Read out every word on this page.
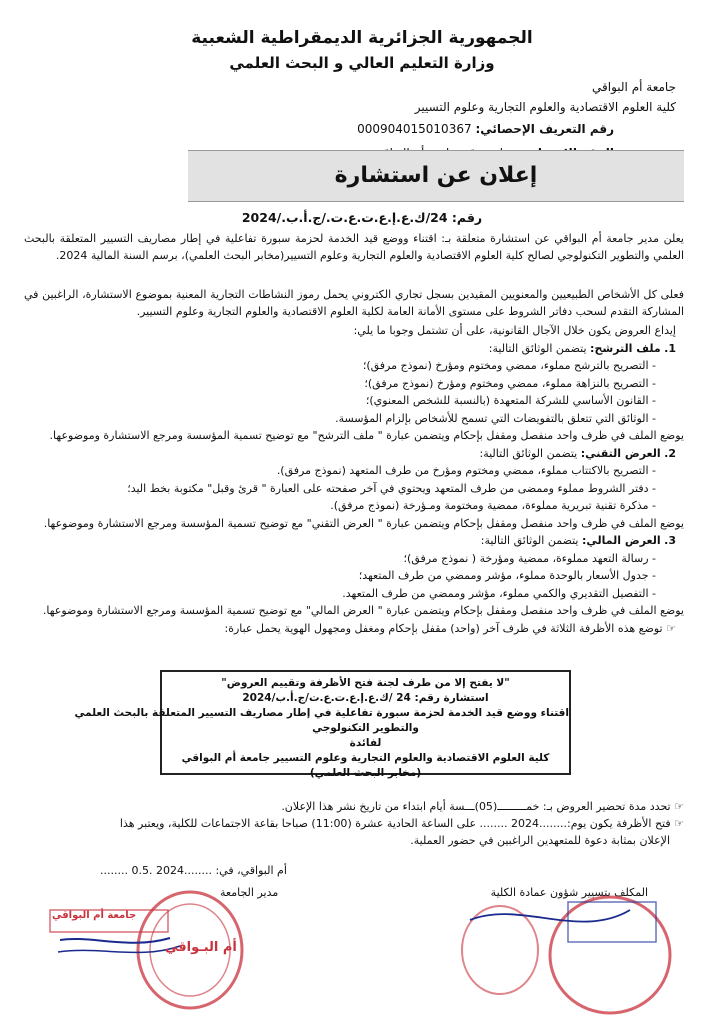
الجمهورية الجزائرية الديمقراطية الشعبية
وزارة التعليم العالي و البحث العلمي
جامعة أم البواقي
كلية العلوم الاقتصادية والعلوم التجارية وعلوم التسيير
رقم التعريف الإحصائي: 000904015010367
إعلان عن استشارة
رقم: 24/ك.ع.إ.ع.ت.ع.ت./ج.أ.ب./2024
يعلن مدير جامعة أم البواقي عن استشارة متعلقة بـ: اقتناء ووضع قيد الخدمة لحزمة سبورة تفاعلية في إطار مصاريف التسيير المتعلقة بالبحث العلمي والتطوير التكنولوجي لصالح كلية العلوم الاقتصادية والعلوم التجارية وعلوم التسيير(مخابر البحث العلمي)، برسم السنة المالية 2024.
فعلى كل الأشخاص الطبيعيين والمعنويين المقيدين بسجل تجاري الكتروني يحمل رموز النشاطات التجارية المعنية بموضوع الاستشارة، الراغبين في المشاركة التقدم لسحب دفاتر الشروط على مستوى الأمانة العامة لكلية العلوم الاقتصادية والعلوم التجارية وعلوم التسيير.
إيداع العروض يكون خلال الآجال القانونية، على أن تشتمل وجوبا ما يلي:
1. ملف الترشح: يتضمن الوثائق التالية:
- التصريح بالترشح مملوء، ممضي ومختوم ومؤرخ (نموذج مرفق)؛
- التصريح بالنزاهة مملوء، ممضي ومختوم ومؤرخ (نموذج مرفق)؛
- القانون الأساسي للشركة المتعهدة (بالنسبة للشخص المعنوي)؛
- الوثائق التي تتعلق بالتفويضات التي تسمح للأشخاص بإلزام المؤسسة.
يوضع الملف في ظرف واحد منفصل ومقفل بإحكام ويتضمن عبارة " ملف الترشح" مع توضيح تسمية المؤسسة ومرجع الاستشارة وموضوعها.
2. العرض التقني: يتضمن الوثائق التالية:
- التصريح بالاكتتاب مملوء، ممضي ومختوم ومؤرخ من طرف المتعهد (نموذج مرفق).
- دفتر الشروط مملوء وممضى من طرف المتعهد ويحتوي في آخر صفحته على العبارة " قرئ وقبل" مكتوبة بخط اليد؛
- مذكرة تقنية تبريرية مملوءة، ممضية ومختومة ومـؤرخة (نموذج مرفق).
يوضع الملف في ظرف واحد منفصل ومقفل بإحكام ويتضمن عبارة " العرض التقني" مع توضيح تسمية المؤسسة ومرجع الاستشارة وموضوعها.
3. العرض المالي: يتضمن الوثائق التالية:
- رسالة التعهد مملوءة، ممضية ومؤرخة ( نموذج مرفق)؛
- جدول الأسعار بالوحدة مملوء، مؤشر وممضي من طرف المتعهد؛
- التفصيل التقديري والكمي مملوء، مؤشر وممضي من طرف المتعهد.
يوضع الملف في ظرف واحد منفصل ومقفل بإحكام ويتضمن عبارة " العرض المالي" مع توضيح تسمية المؤسسة ومرجع الاستشارة وموضوعها.
☞ توضع هذه الأظرفة الثلاثة في ظرف آخر (واحد) مقفل بإحكام ومغفل ومجهول الهوية يحمل عبارة:
"لا يفتح إلا من طرف لجنة فتح الأظرفة وتقييم العروض"
استشارة رقم: 24 /ك.ع.إ.ع.ت.ع.ت/ج.أ.ب/2024
اقتناء ووضع قيد الخدمة لحزمة سبورة تفاعلية في إطار مصاريف التسيير المتعلقة بالبحث العلمي
والتطوير التكنولوجي
لفائدة
كلية العلوم الاقتصادية والعلوم التجارية وعلوم التسيير جامعة أم البواقي
(مخابر البحث العلمي)
☞ تحدد مدة تحضير العروض بـ: خمـــــــــ(05)ـــسة أيام ابتداء من تاريخ نشر هذا الإعلان.
☞ فتح الأظرفة يكون يوم:........2024 ........ على الساعة الحادية عشرة (11:00) صباحا بقاعة الاجتماعات للكلية، ويعتبر هذا
الإعلان بمثابة دعوة للمتعهدين الراغبين في حضور العملية.
أم البواقي، في: ........2024 .0.5 ........
المكلف بتسيير شؤون عمادة الكلية
مدير الجامعة
جامعة أم البواقي
أم البـواقي
